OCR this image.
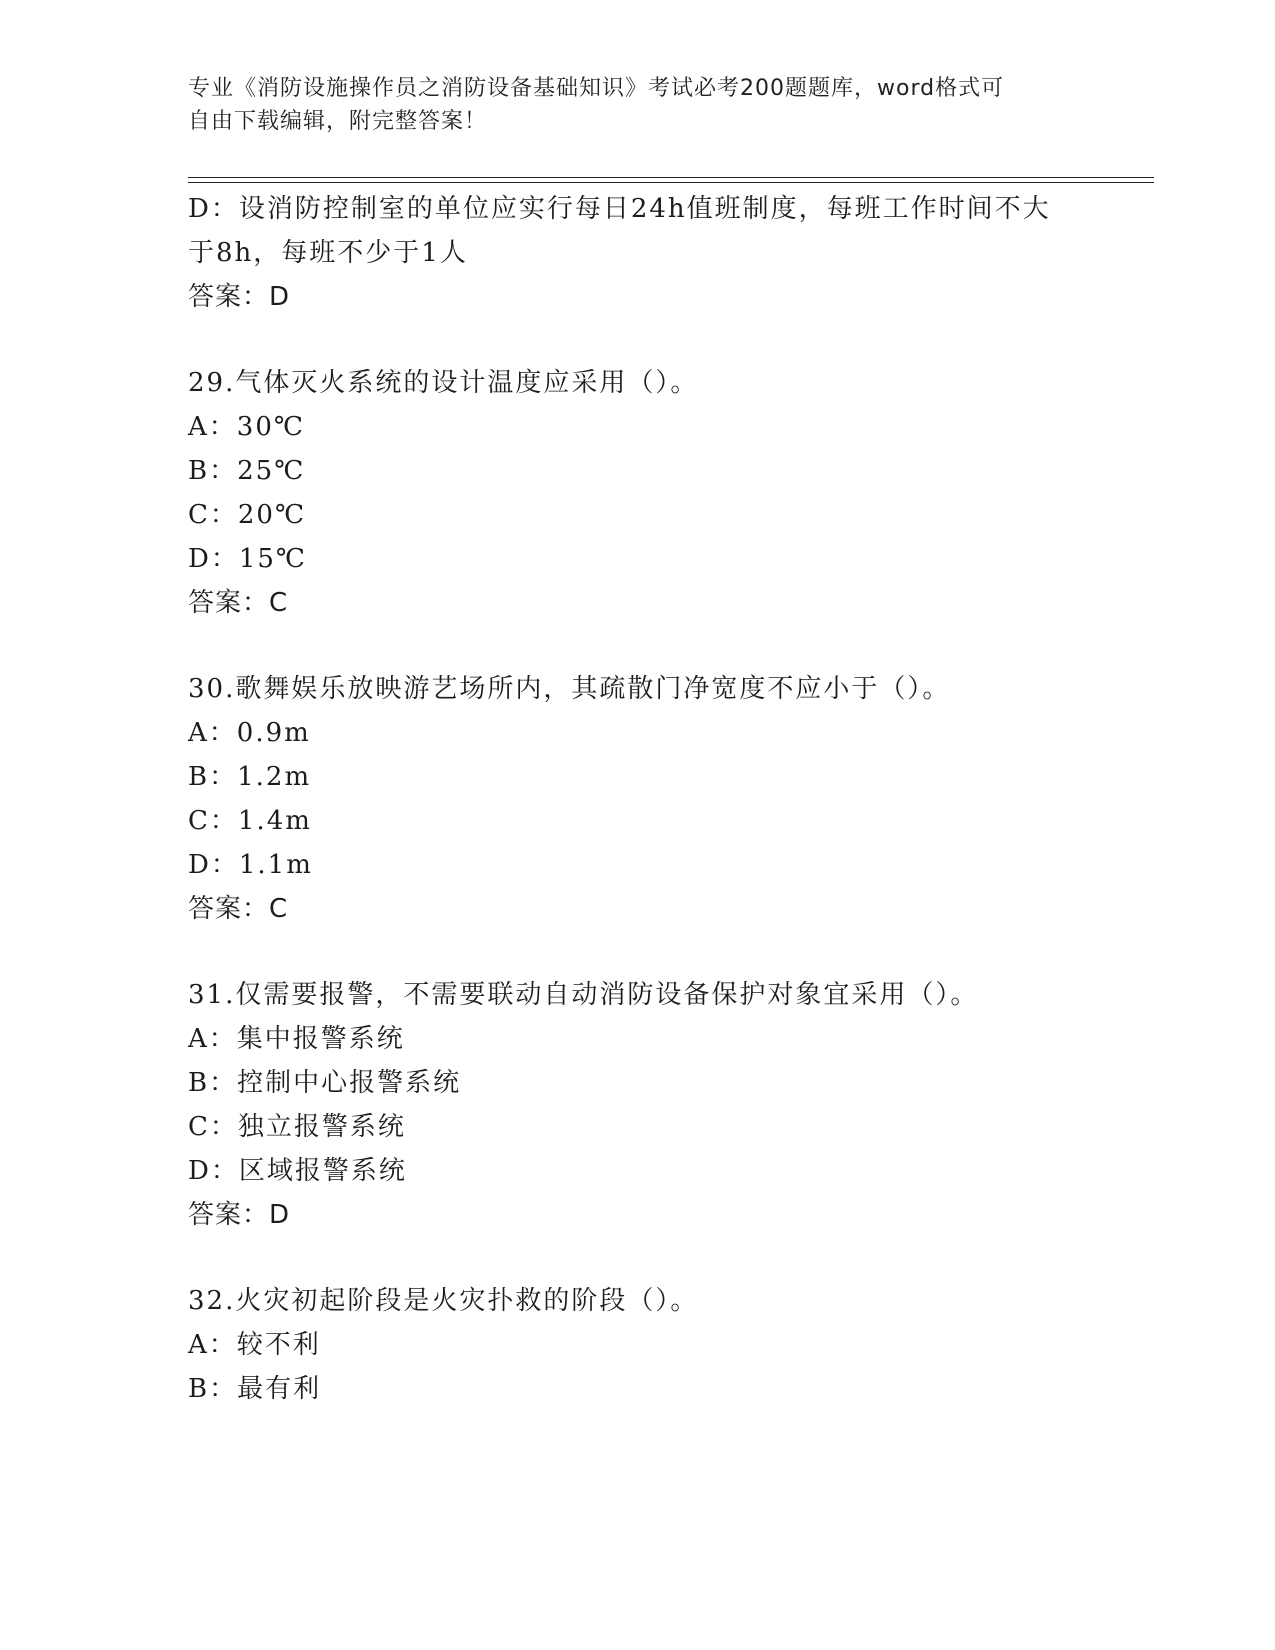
专业《消防设施操作员之消防设备基础知识》考试必考200题题库，word格式可
自由下载编辑，附完整答案！
D：设消防控制室的单位应实行每日24h值班制度，每班工作时间不大
于8h，每班不少于1人
答案：D
29.气体灭火系统的设计温度应采用（）。
A：30℃
B：25℃
C：20℃
D：15℃
答案：C
30.歌舞娱乐放映游艺场所内，其疏散门净宽度不应小于（）。
A：0.9m
B：1.2m
C：1.4m
D：1.1m
答案：C
31.仅需要报警，不需要联动自动消防设备保护对象宜采用（）。
A：集中报警系统
B：控制中心报警系统
C：独立报警系统
D：区域报警系统
答案：D
32.火灾初起阶段是火灾扑救的阶段（）。
A：较不利
B：最有利
